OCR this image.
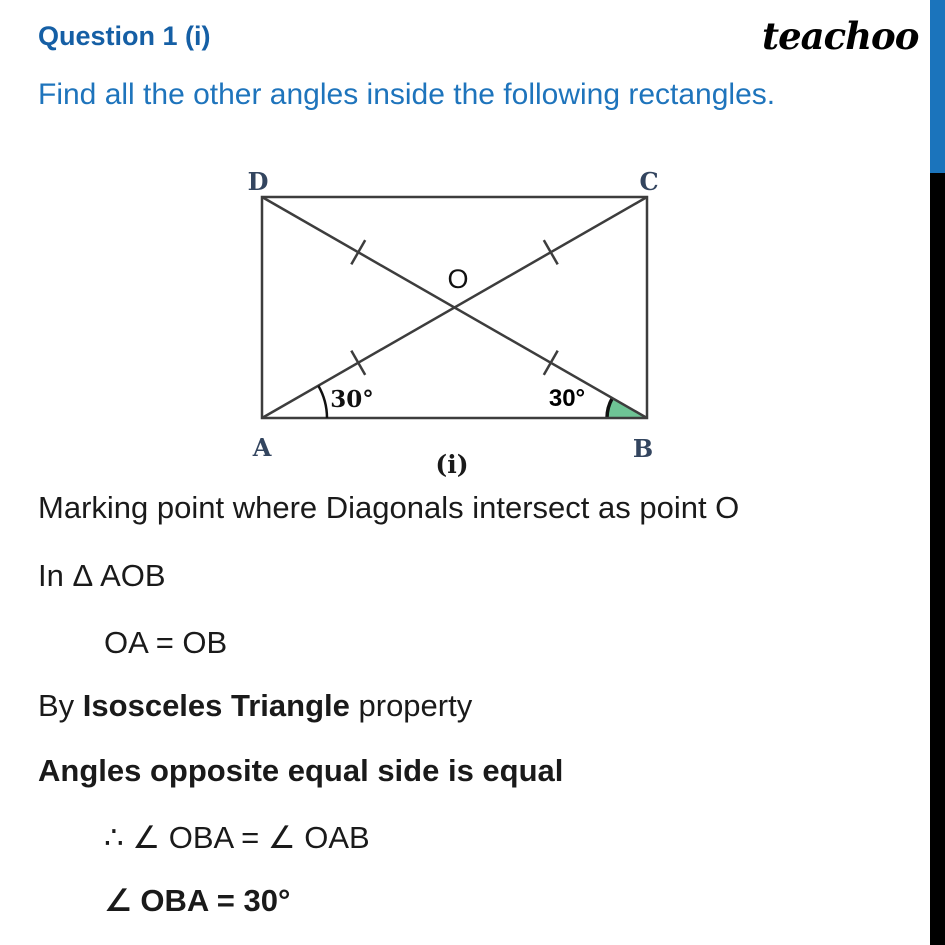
Question 1 (i)	teachoo
Find all the other angles inside the following rectangles.
D	C
A	B
O
30°	30°
(i)
Marking point where Diagonals intersect as point O
In Δ AOB
OA = OB
By Isosceles Triangle property
Angles opposite equal side is equal
∴ ∠ OBA = ∠ OAB
∠ OBA = 30°
